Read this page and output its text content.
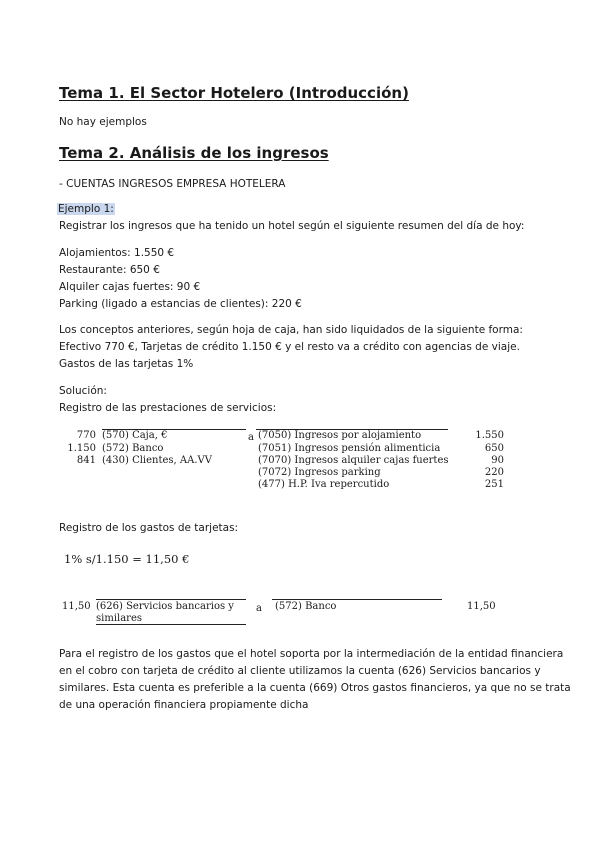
Tema 1. El Sector Hotelero (Introducción)
No hay ejemplos
Tema 2. Análisis de los ingresos
- CUENTAS INGRESOS EMPRESA HOTELERA
Ejemplo 1:
Registrar los ingresos que ha tenido un hotel según el siguiente resumen del día de hoy:
Alojamientos: 1.550 €
Restaurante: 650 €
Alquiler cajas fuertes: 90 €
Parking (ligado a estancias de clientes): 220 €
Los conceptos anteriores, según hoja de caja, han sido liquidados de la siguiente forma:
Efectivo 770 €, Tarjetas de crédito 1.150 € y el resto va a crédito con agencias de viaje.
Gastos de las tarjetas 1%
Solución:
Registro de las prestaciones de servicios:
770 (570) Caja, €
1.150 (572) Banco
841 (430) Clientes, AA.VV
a (7050) Ingresos por alojamiento	1.550
(7051) Ingresos pensión alimenticia	650
(7070) Ingresos alquiler cajas fuertes	90
(7072) Ingresos parking	220
(477) H.P. Iva repercutido	251
Registro de los gastos de tarjetas:
1% s/1.150 = 11,50 €
11,50 (626) Servicios bancarios y
similares
a (572) Banco	11,50
Para el registro de los gastos que el hotel soporta por la intermediación de la entidad financiera
en el cobro con tarjeta de crédito al cliente utilizamos la cuenta (626) Servicios bancarios y
similares. Esta cuenta es preferible a la cuenta (669) Otros gastos financieros, ya que no se trata
de una operación financiera propiamente dicha
